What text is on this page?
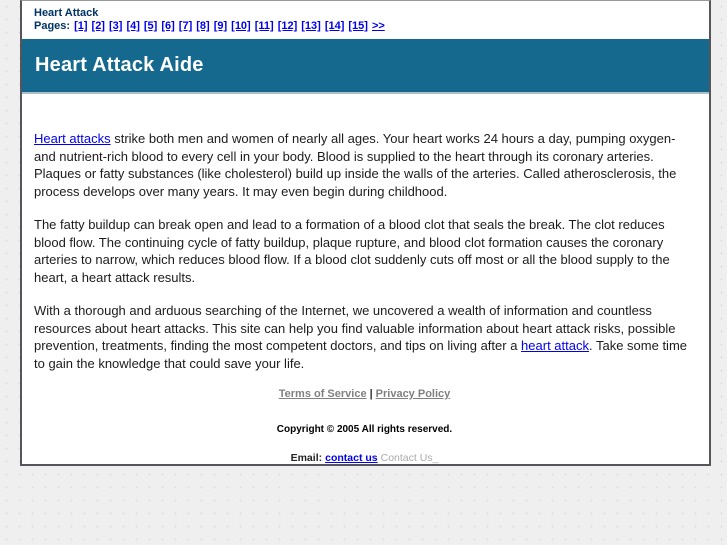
Heart Attack
Pages: [1] [2] [3] [4] [5] [6] [7] [8] [9] [10] [11] [12] [13] [14] [15] >>
Heart Attack Aide

Heart attacks strike both men and women of nearly all ages. Your heart works 24 hours a day, pumping oxygen- and nutrient-rich blood to every cell in your body. Blood is supplied to the heart through its coronary arteries. Plaques or fatty substances (like cholesterol) build up inside the walls of the arteries. Called atherosclerosis, the process develops over many years. It may even begin during childhood.

The fatty buildup can break open and lead to a formation of a blood clot that seals the break. The clot reduces blood flow. The continuing cycle of fatty buildup, plaque rupture, and blood clot formation causes the coronary arteries to narrow, which reduces blood flow. If a blood clot suddenly cuts off most or all the blood supply to the heart, a heart attack results.

With a thorough and arduous searching of the Internet, we uncovered a wealth of information and countless resources about heart attacks. This site can help you find valuable information about heart attack risks, possible prevention, treatments, finding the most competent doctors, and tips on living after a heart attack. Take some time to gain the knowledge that could save your life.

Terms of Service | Privacy Policy
Copyright © 2005 All rights reserved.
Email: contact us Contact Us_
